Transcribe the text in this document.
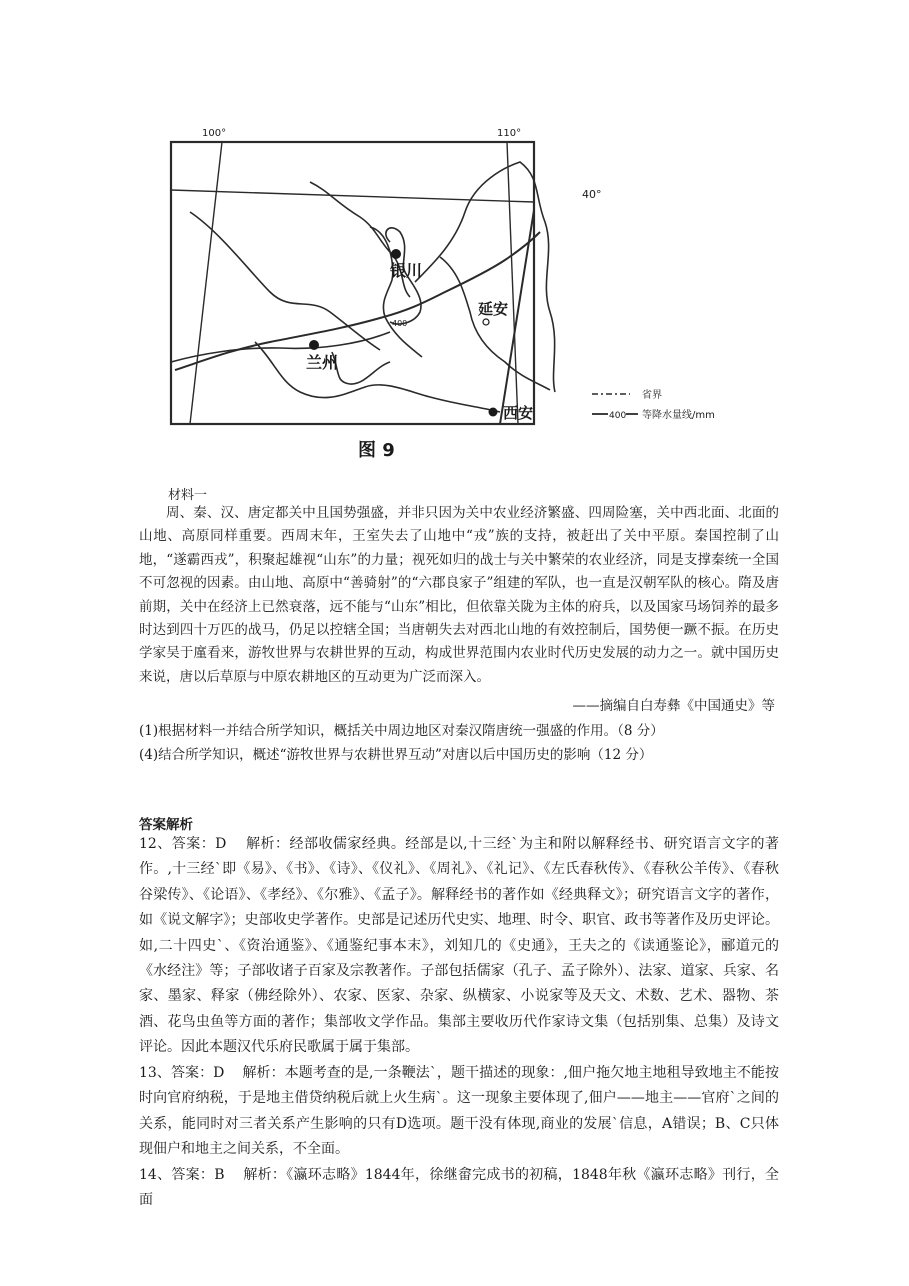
100°	110°
40°
银川
延安
兰州
西安
400
省界
400 等降水量线/mm
图 9
材料一

周、秦、汉、唐定都关中且国势强盛，并非只因为关中农业经济繁盛、四周险塞，关中西北面、北面的山地、高原同样重要。西周末年，王室失去了山地中“戎”族的支持，被赶出了关中平原。秦国控制了山地，“遂霸西戎”，积聚起雄视“山东”的力量；视死如归的战士与关中繁荣的农业经济，同是支撑秦统一全国不可忽视的因素。由山地、高原中“善骑射”的“六郡良家子”组建的军队，也一直是汉朝军队的核心。隋及唐前期，关中在经济上已然衰落，远不能与“山东”相比，但依靠关陇为主体的府兵，以及国家马场饲养的最多时达到四十万匹的战马，仍足以控辖全国；当唐朝失去对西北山地的有效控制后，国势便一蹶不振。在历史学家吴于廑看来，游牧世界与农耕世界的互动，构成世界范围内农业时代历史发展的动力之一。就中国历史来说，唐以后草原与中原农耕地区的互动更为广泛而深入。

——摘编自白寿彝《中国通史》等
(1)根据材料一并结合所学知识，概括关中周边地区对秦汉隋唐统一强盛的作用。（8 分）
(4)结合所学知识，概述“游牧世界与农耕世界互动”对唐以后中国历史的影响（12 分）
答案解析

12、答案：D    解析：经部收儒家经典。经部是以,十三经`为主和附以解释经书、研究语言文字的著作。,十三经`即《易》、《书》、《诗》、《仪礼》、《周礼》、《礼记》、《左氏春秋传》、《春秋公羊传》、《春秋谷梁传》、《论语》、《孝经》、《尔雅》、《孟子》。解释经书的著作如《经典释文》；研究语言文字的著作，如《说文解字》；史部收史学著作。史部是记述历代史实、地理、时令、职官、政书等著作及历史评论。如,二十四史`、《资治通鉴》、《通鉴纪事本末》，刘知几的《史通》，王夫之的《读通鉴论》，郦道元的《水经注》等；子部收诸子百家及宗教著作。子部包括儒家（孔子、孟子除外）、法家、道家、兵家、名家、墨家、释家（佛经除外）、农家、医家、杂家、纵横家、小说家等及天文、术数、艺术、器物、茶酒、花鸟虫鱼等方面的著作；集部收文学作品。集部主要收历代作家诗文集（包括别集、总集）及诗文评论。因此本题汉代乐府民歌属于属于集部。

13、答案：D    解析：本题考查的是,一条鞭法`，题干描述的现象：,佃户拖欠地主地租导致地主不能按时向官府纳税，于是地主借贷纳税后就上火生病`。这一现象主要体现了,佃户——地主——官府`之间的关系，能同时对三者关系产生影响的只有D选项。题干没有体现,商业的发展`信息，A错误；B、C只体现佃户和地主之间关系，不全面。

14、答案：B    解析：《瀛环志略》1844年，徐继畲完成书的初稿，1848年秋《瀛环志略》刊行，全面
